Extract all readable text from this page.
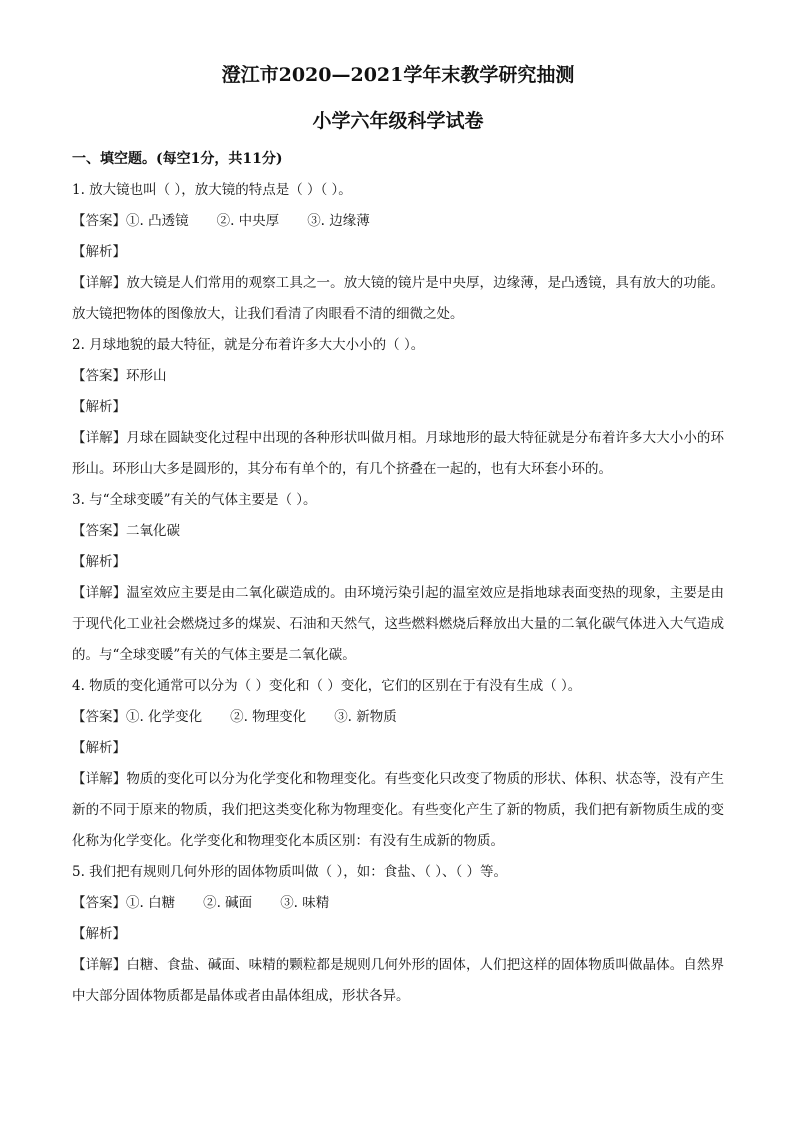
澄江市2020—2021学年末教学研究抽测
小学六年级科学试卷
一、填空题。(每空1分，共11分)
1. 放大镜也叫（ ），放大镜的特点是（ ）（ ）。
【答案】①. 凸透镜 ②. 中央厚 ③. 边缘薄
【解析】
【详解】放大镜是人们常用的观察工具之一。放大镜的镜片是中央厚，边缘薄，是凸透镜，具有放大的功能。放大镜把物体的图像放大，让我们看清了肉眼看不清的细微之处。
2. 月球地貌的最大特征，就是分布着许多大大小小的（ ）。
【答案】环形山
【解析】
【详解】月球在圆缺变化过程中出现的各种形状叫做月相。月球地形的最大特征就是分布着许多大大小小的环形山。环形山大多是圆形的，其分布有单个的，有几个挤叠在一起的，也有大环套小环的。
3. 与“全球变暖”有关的气体主要是（ ）。
【答案】二氧化碳
【解析】
【详解】温室效应主要是由二氧化碳造成的。由环境污染引起的温室效应是指地球表面变热的现象，主要是由于现代化工业社会燃烧过多的煤炭、石油和天然气，这些燃料燃烧后释放出大量的二氧化碳气体进入大气造成的。与“全球变暖”有关的气体主要是二氧化碳。
4. 物质的变化通常可以分为（ ）变化和（ ）变化，它们的区别在于有没有生成（ ）。
【答案】①. 化学变化 ②. 物理变化 ③. 新物质
【解析】
【详解】物质的变化可以分为化学变化和物理变化。有些变化只改变了物质的形状、体积、状态等，没有产生新的不同于原来的物质，我们把这类变化称为物理变化。有些变化产生了新的物质，我们把有新物质生成的变化称为化学变化。化学变化和物理变化本质区别：有没有生成新的物质。
5. 我们把有规则几何外形的固体物质叫做（ ），如：食盐、（ ）、（ ）等。
【答案】①. 白糖 ②. 碱面 ③. 味精
【解析】
【详解】白糖、食盐、碱面、味精的颗粒都是规则几何外形的固体，人们把这样的固体物质叫做晶体。自然界中大部分固体物质都是晶体或者由晶体组成，形状各异。
